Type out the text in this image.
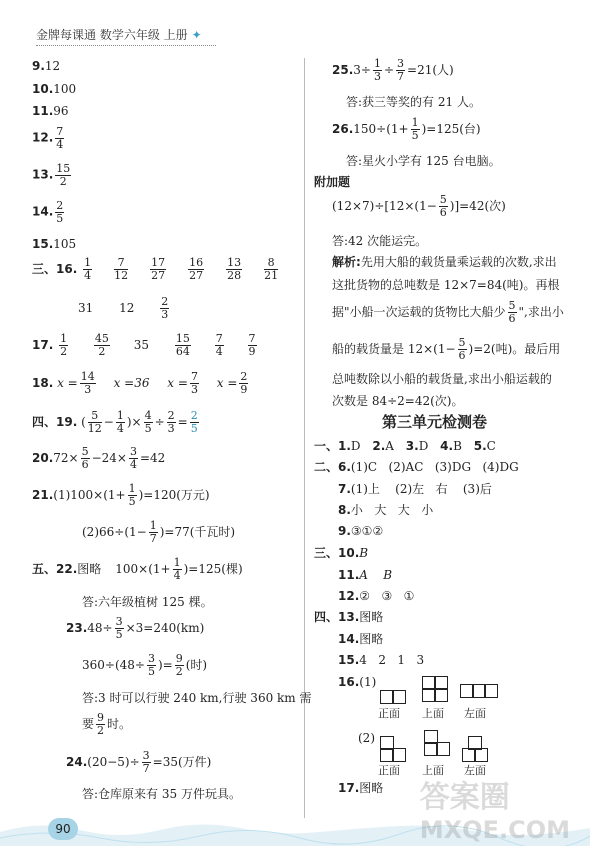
金牌每课通 数学六年级 上册 ✦
9.12
10.100
11.96
12. $\frac{7}{4}$
13. $\frac{15}{2}$
14. $\frac{2}{5}$
15.105
三、16. $\frac{1}{4} \frac{7}{12} \frac{17}{27} \frac{16}{27} \frac{13}{28} \frac{8}{21}$
31 $12 \frac{2}{3}$
17. $\frac{1}{2}$
$\frac{45}{2} 35 \frac{15}{64}$
$\frac{7}{4}$
$\frac{7}{9}$
18. $x = \frac{14}{3}$ x =36 $x = \frac{7}{3}$ $x = \frac{2}{9}$
四、19. ( $\frac{5}{12} - \frac{1}{4}$ )× $\frac{4}{5} \div \frac{2}{3} = \frac{2}{5}$
$20.72\times \frac{5}{6} -24\times \frac{3}{4} =42$
$21.(1)100\times(1+ \frac{1}{5} )=120$(万元)
$(2)66\div(1- \frac{1}{7} )=77$(千瓦时)
五、22.图略 $100\times(1+ \frac{1}{4} )=125$(棵)
答:六年级植树 125 棵。
$23.48\div \frac{3}{5} \times 3=240(km)$
$360\div(48\div \frac{3}{5}$ )= $\frac{9}{2}$ (时)
答:3 时可以行驶 240 km,行驶 360 km 需
要 $\frac{9}{2}$ 时。
$24.(20-5)\div \frac{3}{7} =35$(万件)
答:仓库原来有 35 万件玩具。
$25.3\div \frac{1}{3} \div \frac{3}{7} =21$(人)
答:获三等奖的有 21 人。
$26.150\div(1+ \frac{1}{5} )=125$(台)
答:星火小学有 125 台电脑。
附加题
$(12\times 7)\div[12\times(1- \frac{5}{6} )]=42$(次)
答:42 次能运完。
解析:先用大船的载货量乘运载的次数,求出
这批货物的总吨数是 12×7=84(吨)。再根
据"小船一次运载的货物比大船少 $\frac{5}{6}$ ",求出小
船的载货量是 $12\times(1- \frac{5}{6} )=2$(吨)。最后用
总吨数除以小船的载货量,求出小船运载的
次数是 84÷2=42(次)。
第三单元检测卷
一、1.D 2.A 3.D 4.B 5.C
二、6.(1)C   (2)AC   (3)DG   (4)DG
7.(1)上    (2)左   右    (3)后
8.小   大   大   小
9.③①②
三、10.B
11.A    B
12.②   ③   ①
四、13.图略
14.图略
15.4   2   1   3
16.(1)
正面 上面 左面
(2)
正面 上面 左面
17.图略
90
答案圈
MXQE.COM
